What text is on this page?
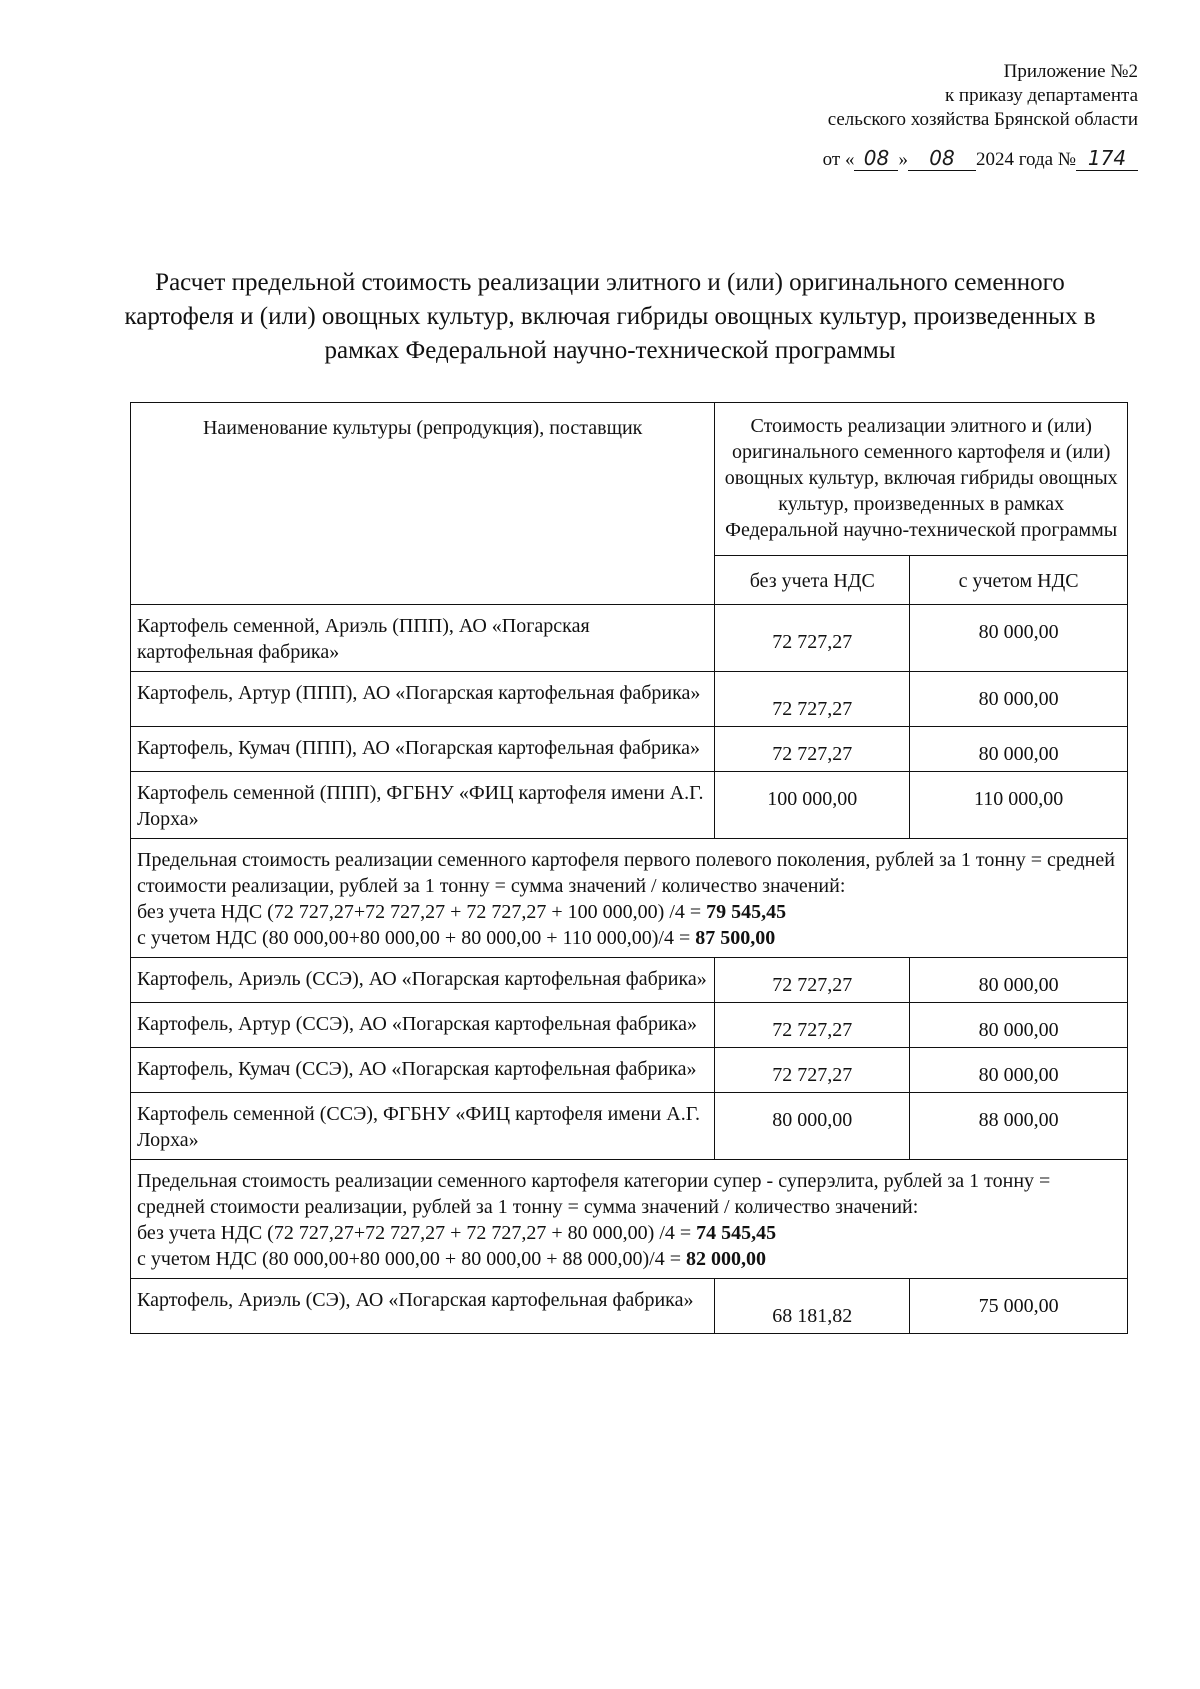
Приложение №2
к приказу департамента
сельского хозяйства Брянской области
от « 08 » 08 2024 года № 174
Расчет предельной стоимость реализации элитного и (или) оригинального семенного картофеля и (или) овощных культур, включая гибриды овощных культур, произведенных в рамках Федеральной научно-технической программы
Наименование культуры (репродукция), поставщик	Стоимость реализации элитного и (или) оригинального семенного картофеля и (или) овощных культур, включая гибриды овощных культур, произведенных в рамках Федеральной научно-технической программы	
	без учета НДС	с учетом НДС
Картофель семенной, Ариэль (ППП), АО «Погарская картофельная фабрика»	72 727,27	80 000,00
Картофель, Артур (ППП), АО «Погарская картофельная фабрика»	72 727,27	80 000,00
Картофель, Кумач (ППП), АО «Погарская картофельная фабрика»	72 727,27	80 000,00
Картофель семенной (ППП), ФГБНУ «ФИЦ картофеля имени А.Г. Лорха»	100 000,00	110 000,00

Предельная стоимость реализации семенного картофеля первого полевого поколения, рублей за 1 тонну = средней стоимости реализации, рублей за 1 тонну = сумма значений / количество значений:
без учета НДС (72 727,27+72 727,27 + 72 727,27 + 100 000,00) /4 = 79 545,45
с учетом НДС (80 000,00+80 000,00 + 80 000,00 + 110 000,00)/4 = 87 500,00		

Картофель, Ариэль (ССЭ), АО «Погарская картофельная фабрика»	72 727,27	80 000,00
Картофель, Артур (ССЭ), АО «Погарская картофельная фабрика»	72 727,27	80 000,00
Картофель, Кумач (ССЭ), АО «Погарская картофельная фабрика»	72 727,27	80 000,00
Картофель семенной (ССЭ), ФГБНУ «ФИЦ картофеля имени А.Г. Лорха»	80 000,00	88 000,00

Предельная стоимость реализации семенного картофеля категории супер - суперэлита, рублей за 1 тонну = средней стоимости реализации, рублей за 1 тонну = сумма значений / количество значений:
без учета НДС (72 727,27+72 727,27 + 72 727,27 + 80 000,00) /4 = 74 545,45
с учетом НДС (80 000,00+80 000,00 + 80 000,00 + 88 000,00)/4 = 82 000,00		

Картофель, Ариэль (СЭ), АО «Погарская картофельная фабрика»	68 181,82	75 000,00
